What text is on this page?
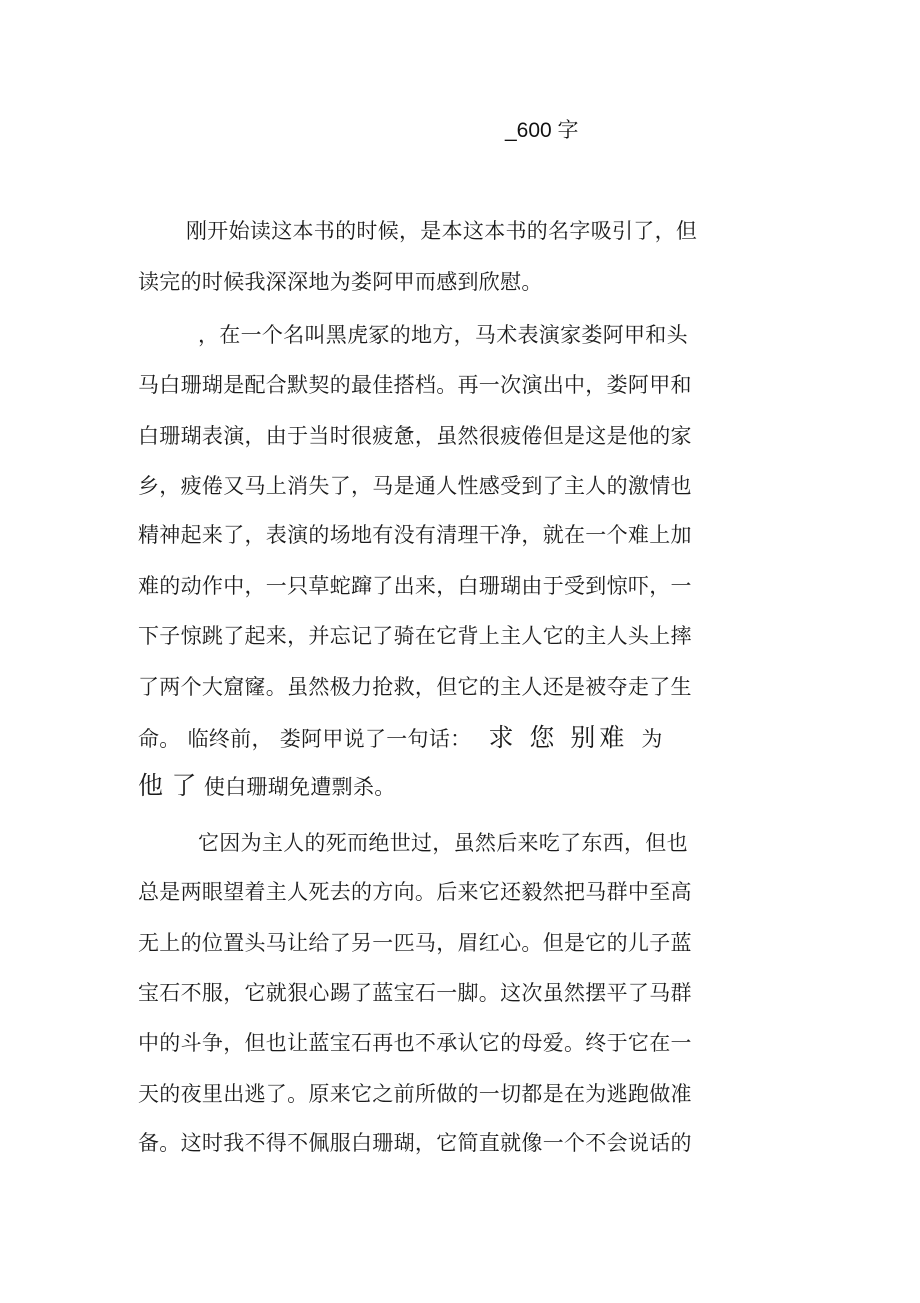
_600 字
刚开始读这本书的时候，是本这本书的名字吸引了，但
读完的时候我深深地为娄阿甲而感到欣慰。
，在一个名叫黑虎冢的地方，马术表演家娄阿甲和头
马白珊瑚是配合默契的最佳搭档。再一次演出中，娄阿甲和
白珊瑚表演，由于当时很疲惫，虽然很疲倦但是这是他的家
乡，疲倦又马上消失了，马是通人性感受到了主人的激情也
精神起来了，表演的场地有没有清理干净，就在一个难上加
难的动作中，一只草蛇蹿了出来，白珊瑚由于受到惊吓，一
下子惊跳了起来，并忘记了骑在它背上主人它的主人头上摔
了两个大窟窿。虽然极力抢救，但它的主人还是被夺走了生
命。 临终前， 娄阿甲说了一句话： 求 您 别难 为
他 了 使白珊瑚免遭剽杀。
它因为主人的死而绝世过，虽然后来吃了东西，但也
总是两眼望着主人死去的方向。后来它还毅然把马群中至高
无上的位置头马让给了另一匹马，眉红心。但是它的儿子蓝
宝石不服，它就狠心踢了蓝宝石一脚。这次虽然摆平了马群
中的斗争，但也让蓝宝石再也不承认它的母爱。终于它在一
天的夜里出逃了。原来它之前所做的一切都是在为逃跑做准
备。这时我不得不佩服白珊瑚，它简直就像一个不会说话的
